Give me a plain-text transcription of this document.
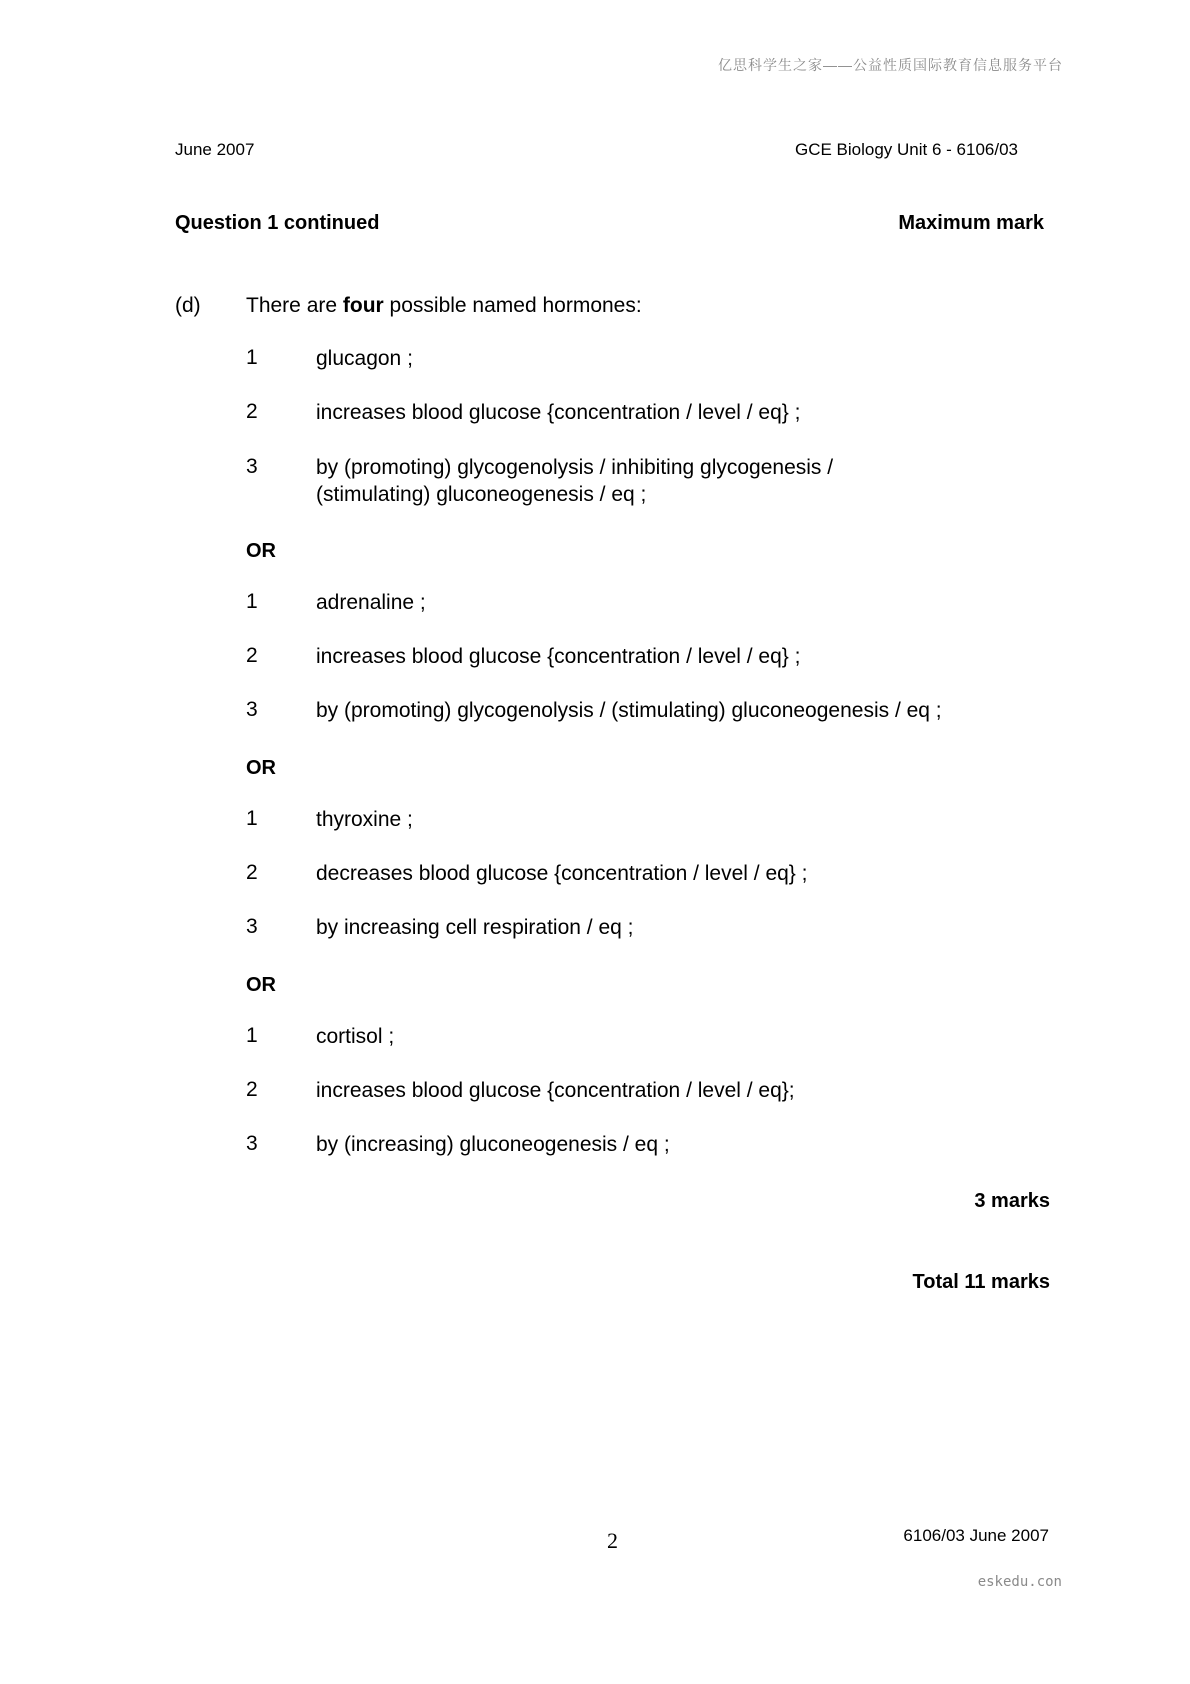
亿思科学生之家——公益性质国际教育信息服务平台
June 2007	GCE Biology Unit 6 - 6106/03
Question 1 continued	Maximum mark
(d) There are four possible named hormones:
1	glucagon ;
2	increases blood glucose {concentration / level / eq} ;
3	by (promoting) glycogenolysis / inhibiting glycogenesis /
(stimulating) gluconeogenesis / eq ;
OR
1	adrenaline ;
2	increases blood glucose {concentration / level / eq} ;
3	by (promoting) glycogenolysis / (stimulating) gluconeogenesis / eq ;
OR
1	thyroxine ;
2	decreases blood glucose {concentration / level / eq} ;
3	by increasing cell respiration / eq ;
OR
1	cortisol ;
2	increases blood glucose {concentration / level / eq};
3	by (increasing) gluconeogenesis / eq ;
3 marks
Total 11 marks
2	6106/03 June 2007
eskedu.con
